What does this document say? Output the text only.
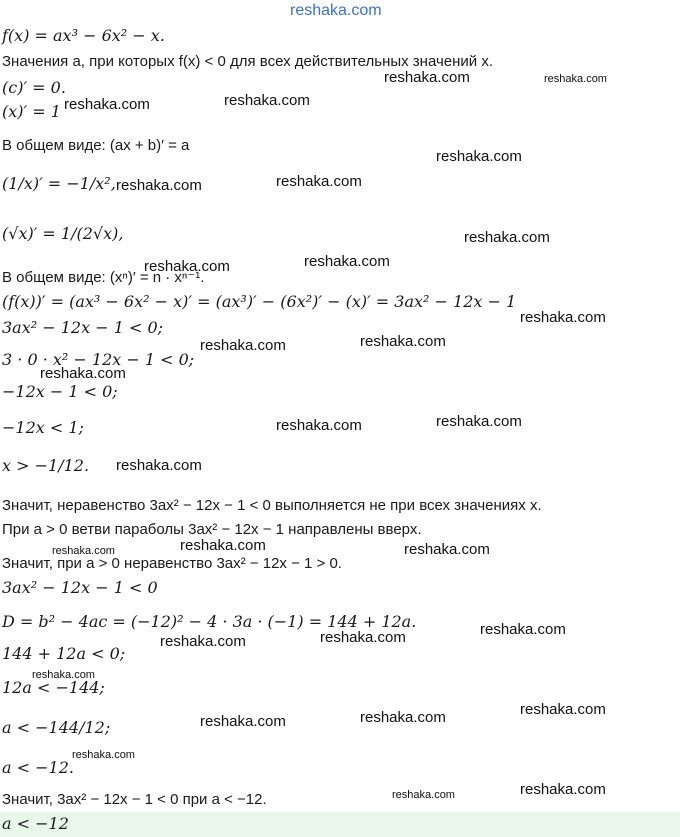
reshaka.com
f(x) = ax³ − 6x² − x.
Значения a, при которых f(x) < 0 для всех действительных значений x.
(c)′ = 0.
(x)′ = 1
В общем виде: (ax + b)′ = a
(1/x)′ = −1/x²,
(√x)′ = 1/(2√x),
В общем виде: (xⁿ)′ = n · xⁿ⁻¹.
(f(x))′ = (ax³ − 6x² − x)′ = (ax³)′ − (6x²)′ − (x)′ = 3ax² − 12x − 1
3ax² − 12x − 1 < 0;
3 · 0 · x² − 12x − 1 < 0;
−12x − 1 < 0;
−12x < 1;
x > −1/12.
Значит, неравенство 3ax² − 12x − 1 < 0 выполняется не при всех значениях x.
При a > 0 ветви параболы 3ax² − 12x − 1 направлены вверх.
Значит, при a > 0 неравенство 3ax² − 12x − 1 > 0.
3ax² − 12x − 1 < 0
D = b² − 4ac = (−12)² − 4 · 3a · (−1) = 144 + 12a.
144 + 12a < 0;
12a < −144;
a < −144/12;
a < −12.
Значит, 3ax² − 12x − 1 < 0 при a < −12.
a < −12
reshaka.com	reshaka.com
reshaka.com	reshaka.com
reshaka.com
reshaka.com	reshaka.com
reshaka.com
reshaka.com	reshaka.com
reshaka.com
reshaka.com	reshaka.com
reshaka.com
reshaka.com	reshaka.com
reshaka.com
reshaka.com	reshaka.com	reshaka.com
reshaka.com	reshaka.com	reshaka.com
reshaka.com
reshaka.com	reshaka.com	reshaka.com
reshaka.com
reshaka.com	reshaka.com
